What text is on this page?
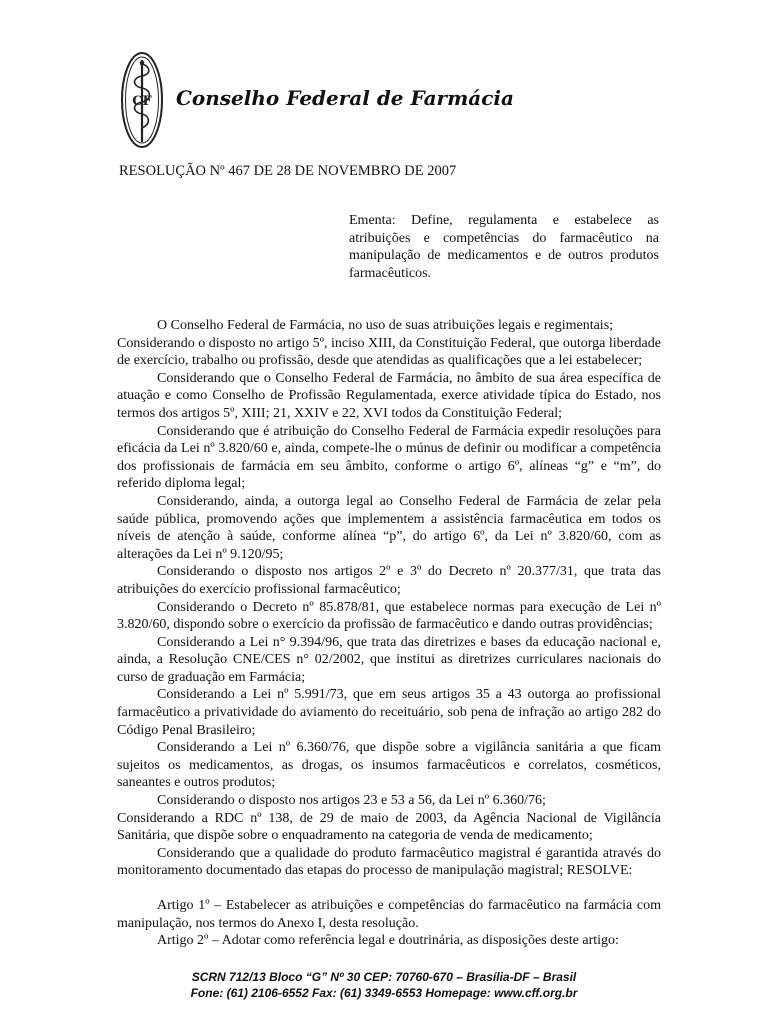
CF Conselho Federal de Farmácia
RESOLUÇÃO Nº 467 DE 28 DE NOVEMBRO DE 2007
Ementa: Define, regulamenta e estabelece as atribuições e competências do farmacêutico na manipulação de medicamentos e de outros produtos farmacêuticos.

O Conselho Federal de Farmácia, no uso de suas atribuições legais e regimentais;

Considerando o disposto no artigo 5º, inciso XIII, da Constituição Federal, que outorga liberdade de exercício, trabalho ou profissão, desde que atendidas as qualificações que a lei estabelecer;

Considerando que o Conselho Federal de Farmácia, no âmbito de sua área específica de atuação e como Conselho de Profissão Regulamentada, exerce atividade típica do Estado, nos termos dos artigos 5º, XIII; 21, XXIV e 22, XVI todos da Constituição Federal;

Considerando que é atribuição do Conselho Federal de Farmácia expedir resoluções para eficácia da Lei nº 3.820/60 e, ainda, compete-lhe o múnus de definir ou modificar a competência dos profissionais de farmácia em seu âmbito, conforme o artigo 6º, alíneas “g” e “m”, do referido diploma legal;

Considerando, ainda, a outorga legal ao Conselho Federal de Farmácia de zelar pela saúde pública, promovendo ações que implementem a assistência farmacêutica em todos os níveis de atenção à saúde, conforme alínea “p”, do artigo 6º, da Lei nº 3.820/60, com as alterações da Lei nº 9.120/95;

Considerando o disposto nos artigos 2º e 3º do Decreto nº 20.377/31, que trata das atribuições do exercício profissional farmacêutico;

Considerando o Decreto nº 85.878/81, que estabelece normas para execução de Lei nº 3.820/60, dispondo sobre o exercício da profissão de farmacêutico e dando outras providências;

Considerando a Lei n° 9.394/96, que trata das diretrizes e bases da educação nacional e, ainda, a Resolução CNE/CES n° 02/2002, que institui as diretrizes curriculares nacionais do curso de graduação em Farmácia;

Considerando a Lei nº 5.991/73, que em seus artigos 35 a 43 outorga ao profissional farmacêutico a privatividade do aviamento do receituário, sob pena de infração ao artigo 282 do Código Penal Brasileiro;

Considerando a Lei nº 6.360/76, que dispõe sobre a vigilância sanitária a que ficam sujeitos os medicamentos, as drogas, os insumos farmacêuticos e correlatos, cosméticos, saneantes e outros produtos;

Considerando o disposto nos artigos 23 e 53 a 56, da Lei nº 6.360/76;

Considerando a RDC nº 138, de 29 de maio de 2003, da Agência Nacional de Vigilância Sanitária, que dispõe sobre o enquadramento na categoria de venda de medicamento;

Considerando que a qualidade do produto farmacêutico magistral é garantida através do monitoramento documentado das etapas do processo de manipulação magistral; RESOLVE:

Artigo 1º – Estabelecer as atribuições e competências do farmacêutico na farmácia com manipulação, nos termos do Anexo I, desta resolução.

Artigo 2º – Adotar como referência legal e doutrinária, as disposições deste artigo:

SCRN 712/13 Bloco “G” Nº 30 CEP: 70760-670 – Brasília-DF – Brasil
Fone: (61) 2106-6552 Fax: (61) 3349-6553 Homepage: www.cff.org.br
